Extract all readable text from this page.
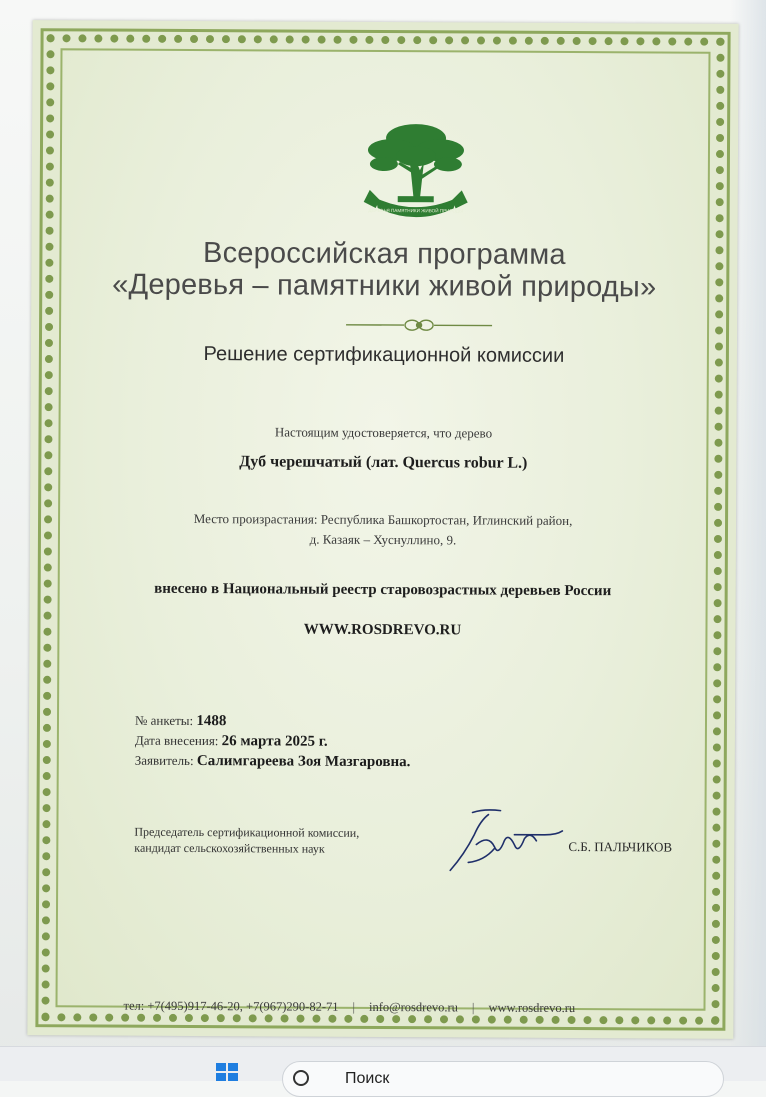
ДЕРЕВЬЯ ПАМЯТНИКИ ЖИВОЙ ПРИРОДЫ
Всероссийская программа
«Деревья – памятники живой природы»
Решение сертификационной комиссии
Настоящим удостоверяется, что дерево
Дуб черешчатый (лат. Quercus robur L.)
Место произрастания: Республика Башкортостан, Иглинский район,
д. Казаяк – Хуснуллино, 9.
внесено в Национальный реестр старовозрастных деревьев России
WWW.ROSDREVO.RU
№ анкеты: 1488
Дата внесения: 26 марта 2025 г.
Заявитель: Салимгареева Зоя Мазгаровна.
Председатель сертификационной комиссии,
кандидат сельскохозяйственных наук	С.Б. ПАЛЬЧИКОВ
тел: +7(495)917-46-20, +7(967)290-82-71 | info@rosdrevo.ru | www.rosdrevo.ru
Поиск
